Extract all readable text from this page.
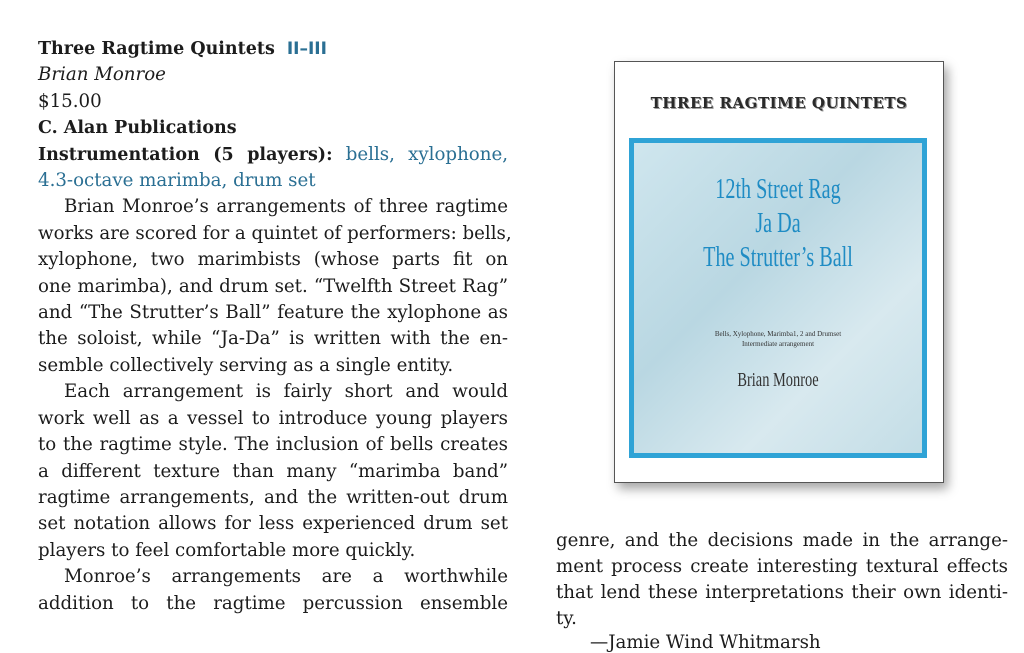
Three Ragtime Quintets II–III

Brian Monroe

$15.00

C. Alan Publications

Instrumentation (5 players): bells, xylophone,
4.3-octave marimba, drum set
Brian Monroe’s arrangements of three ragtime
works are scored for a quintet of performers: bells,
xylophone, two marimbists (whose parts fit on
one marimba), and drum set. “Twelfth Street Rag”
and “The Strutter’s Ball” feature the xylophone as
the soloist, while “Ja-Da” is written with the en-
semble collectively serving as a single entity.
Each arrangement is fairly short and would
work well as a vessel to introduce young players
to the ragtime style. The inclusion of bells creates
a different texture than many “marimba band”
ragtime arrangements, and the written-out drum
set notation allows for less experienced drum set
players to feel comfortable more quickly.
Monroe’s arrangements are a worthwhile
addition to the ragtime percussion ensemble
THREE RAGTIME QUINTETS
12th Street Rag
Ja Da
The Strutter’s Ball
Bells, Xylophone, Marimba1, 2 and Drumset
Intermediate arrangement
Brian Monroe
genre, and the decisions made in the arrange-
ment process create interesting textural effects
that lend these interpretations their own identi-
ty.
—Jamie Wind Whitmarsh
